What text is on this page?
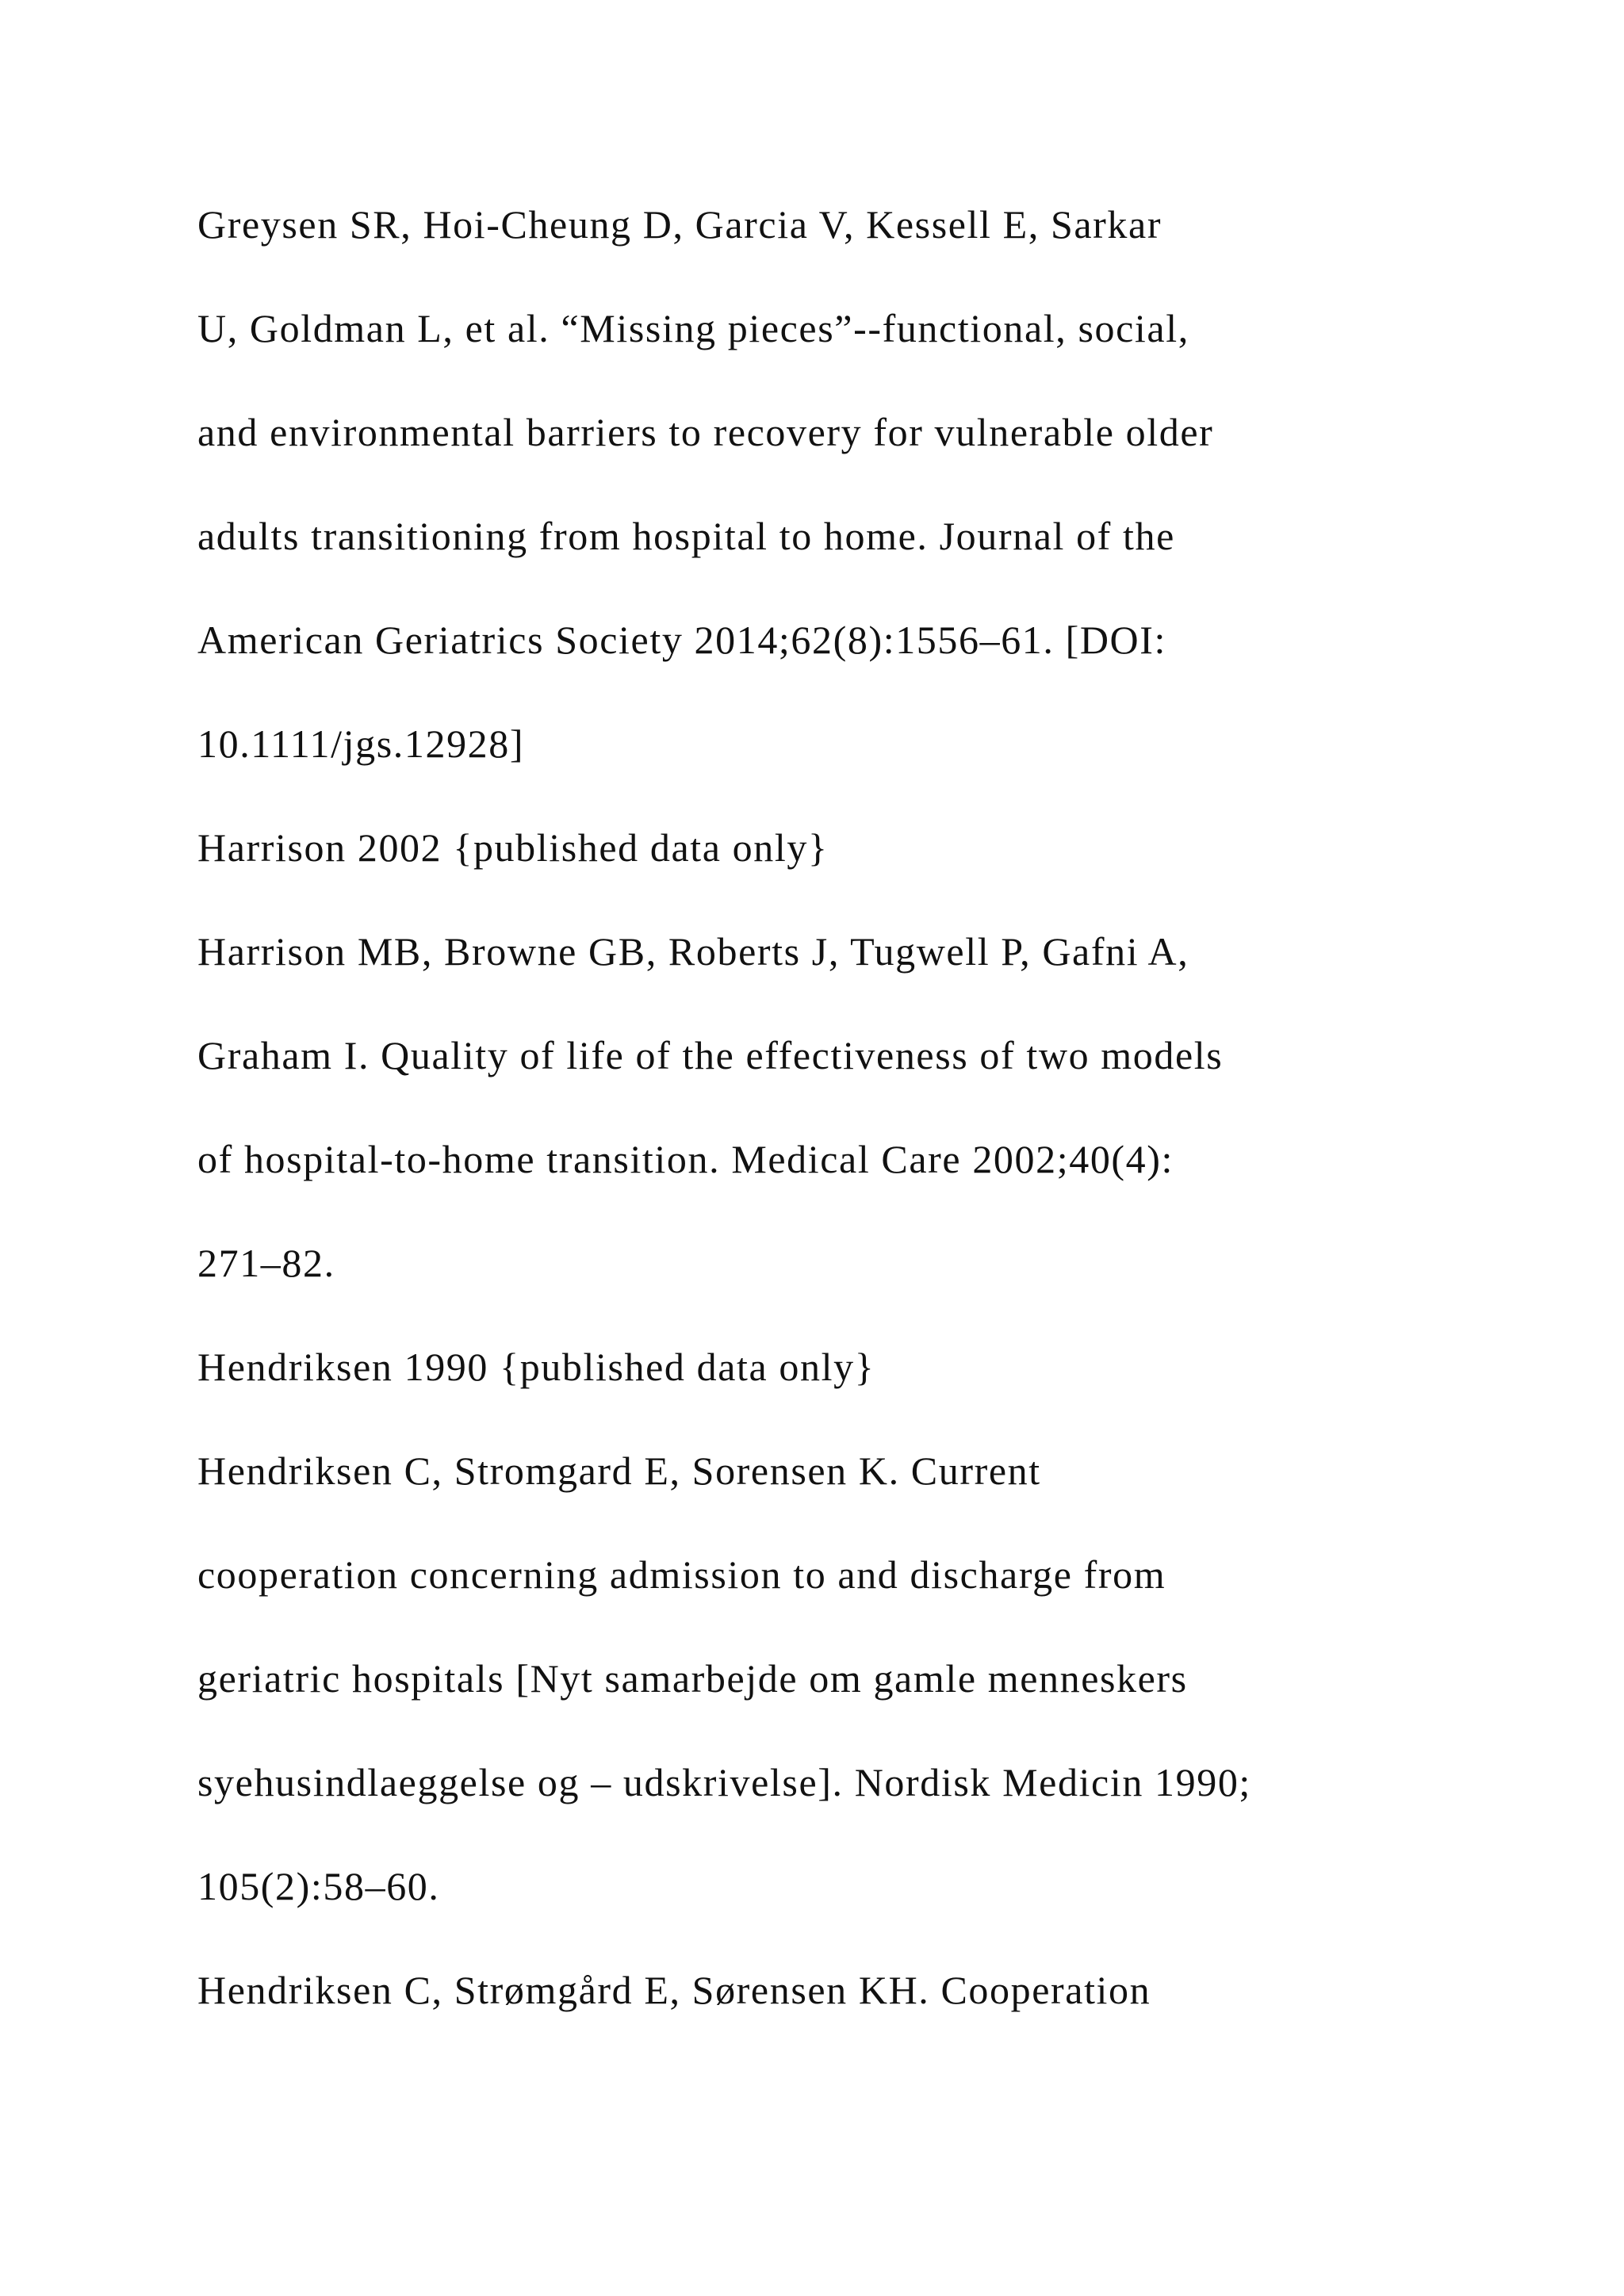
Greysen SR, Hoi-Cheung D, Garcia V, Kessell E, Sarkar
U, Goldman L, et al. “Missing pieces”--functional, social,
and environmental barriers to recovery for vulnerable older
adults transitioning from hospital to home. Journal of the
American Geriatrics Society 2014;62(8):1556–61. [DOI:
10.1111/jgs.12928]
Harrison 2002 {published data only}
Harrison MB, Browne GB, Roberts J, Tugwell P, Gafni A,
Graham I. Quality of life of the effectiveness of two models
of hospital-to-home transition. Medical Care 2002;40(4):
271–82.
Hendriksen 1990 {published data only}
Hendriksen C, Stromgard E, Sorensen K. Current
cooperation concerning admission to and discharge from
geriatric hospitals [Nyt samarbejde om gamle menneskers
syehusindlaeggelse og – udskrivelse]. Nordisk Medicin 1990;
105(2):58–60.
Hendriksen C, Strømgård E, Sørensen KH. Cooperation
